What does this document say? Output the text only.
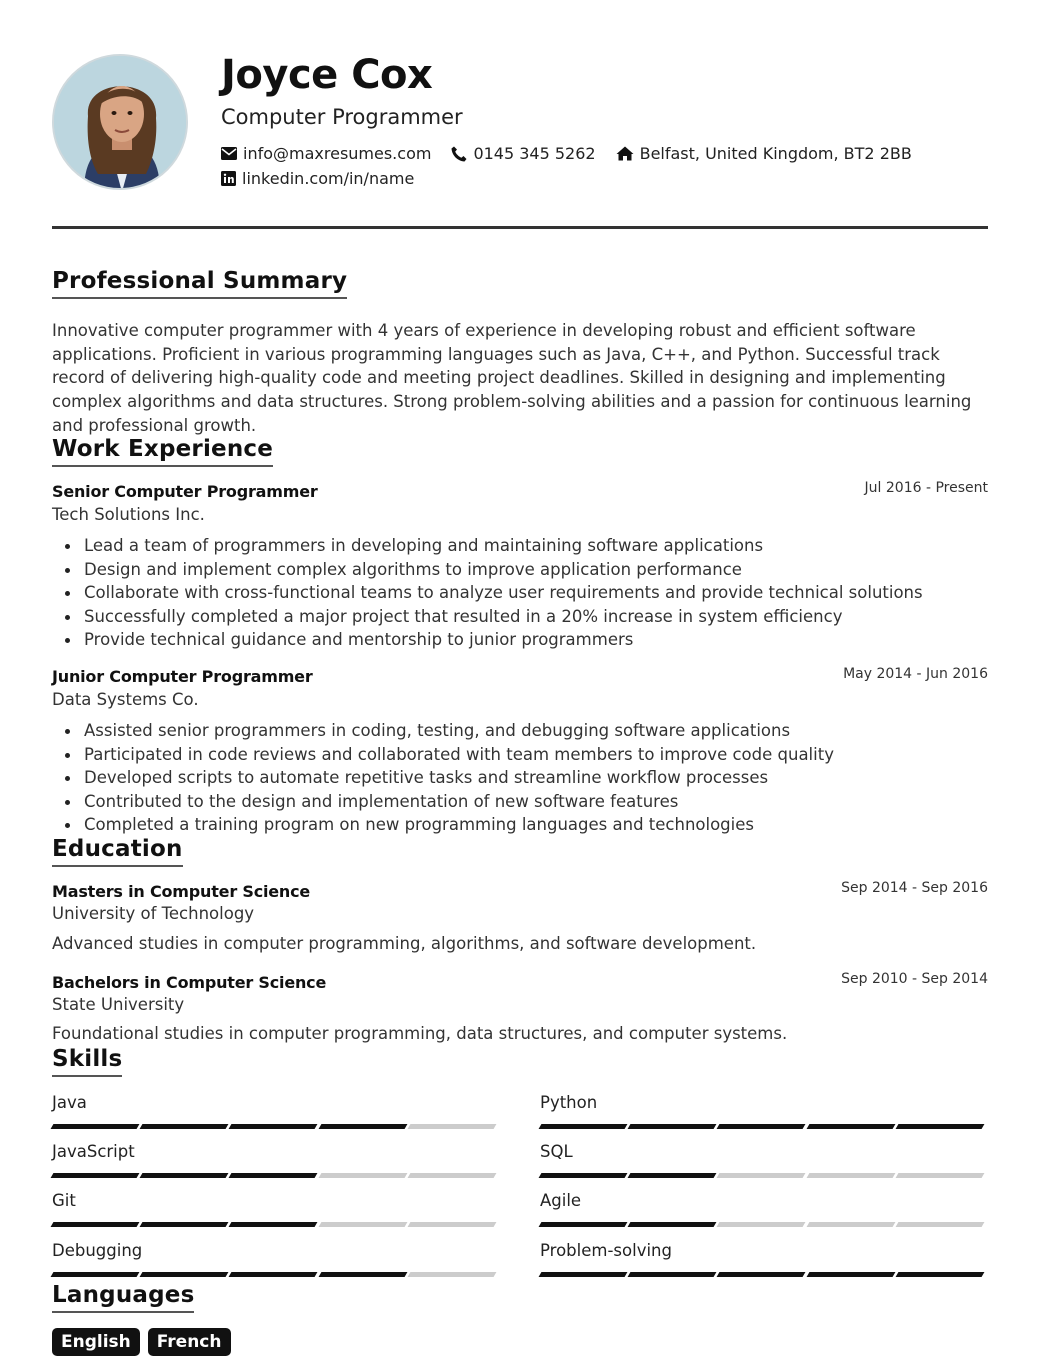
Joyce Cox
Computer Programmer
info@maxresumes.com	0145 345 5262	Belfast, United Kingdom, BT2 2BB
linkedin.com/in/name
Professional Summary
Innovative computer programmer with 4 years of experience in developing robust and efficient software applications. Proficient in various programming languages such as Java, C++, and Python. Successful track record of delivering high-quality code and meeting project deadlines. Skilled in designing and implementing complex algorithms and data structures. Strong problem-solving abilities and a passion for continuous learning and professional growth.
Work Experience
Senior Computer Programmer	Jul 2016 - Present
Tech Solutions Inc.
Lead a team of programmers in developing and maintaining software applications
Design and implement complex algorithms to improve application performance
Collaborate with cross-functional teams to analyze user requirements and provide technical solutions
Successfully completed a major project that resulted in a 20% increase in system efficiency
Provide technical guidance and mentorship to junior programmers
Junior Computer Programmer	May 2014 - Jun 2016
Data Systems Co.
Assisted senior programmers in coding, testing, and debugging software applications
Participated in code reviews and collaborated with team members to improve code quality
Developed scripts to automate repetitive tasks and streamline workflow processes
Contributed to the design and implementation of new software features
Completed a training program on new programming languages and technologies
Education
Masters in Computer Science	Sep 2014 - Sep 2016
University of Technology
Advanced studies in computer programming, algorithms, and software development.
Bachelors in Computer Science	Sep 2010 - Sep 2014
State University
Foundational studies in computer programming, data structures, and computer systems.
Skills
Java	Python
JavaScript	SQL
Git	Agile
Debugging	Problem-solving
Languages
English	French
